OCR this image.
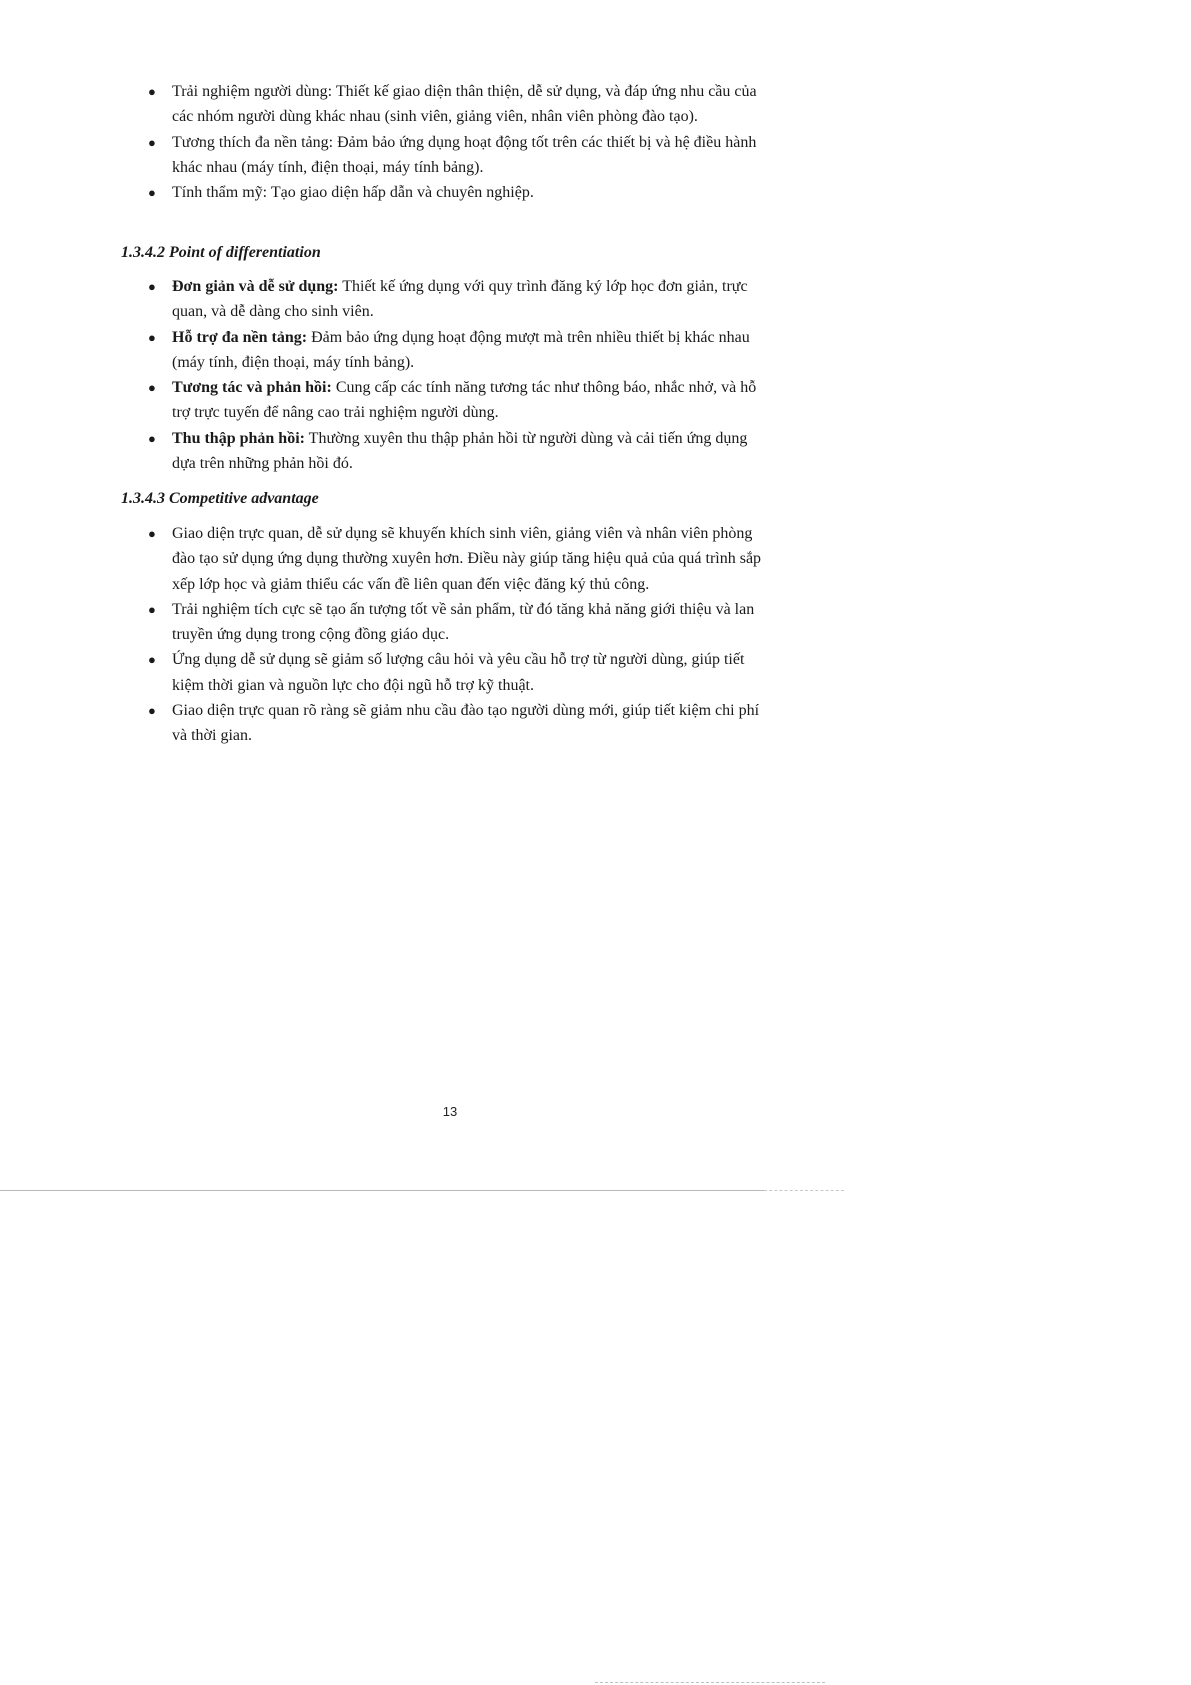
● Trải nghiệm người dùng: Thiết kế giao diện thân thiện, dễ sử dụng, và đáp ứng nhu cầu của các nhóm người dùng khác nhau (sinh viên, giảng viên, nhân viên phòng đào tạo).
● Tương thích đa nền tảng: Đảm bảo ứng dụng hoạt động tốt trên các thiết bị và hệ điều hành khác nhau (máy tính, điện thoại, máy tính bảng).
● Tính thẩm mỹ: Tạo giao diện hấp dẫn và chuyên nghiệp.
1.3.4.2 Point of differentiation
● Đơn giản và dễ sử dụng: Thiết kế ứng dụng với quy trình đăng ký lớp học đơn giản, trực quan, và dễ dàng cho sinh viên.
● Hỗ trợ đa nền tảng: Đảm bảo ứng dụng hoạt động mượt mà trên nhiều thiết bị khác nhau (máy tính, điện thoại, máy tính bảng).
● Tương tác và phản hồi: Cung cấp các tính năng tương tác như thông báo, nhắc nhở, và hỗ trợ trực tuyến để nâng cao trải nghiệm người dùng.
● Thu thập phản hồi: Thường xuyên thu thập phản hồi từ người dùng và cải tiến ứng dụng dựa trên những phản hồi đó.
1.3.4.3 Competitive advantage
● Giao diện trực quan, dễ sử dụng sẽ khuyến khích sinh viên, giảng viên và nhân viên phòng đào tạo sử dụng ứng dụng thường xuyên hơn. Điều này giúp tăng hiệu quả của quá trình sắp xếp lớp học và giảm thiểu các vấn đề liên quan đến việc đăng ký thủ công.
● Trải nghiệm tích cực sẽ tạo ấn tượng tốt về sản phẩm, từ đó tăng khả năng giới thiệu và lan truyền ứng dụng trong cộng đồng giáo dục.
● Ứng dụng dễ sử dụng sẽ giảm số lượng câu hỏi và yêu cầu hỗ trợ từ người dùng, giúp tiết kiệm thời gian và nguồn lực cho đội ngũ hỗ trợ kỹ thuật.
● Giao diện trực quan rõ ràng sẽ giảm nhu cầu đào tạo người dùng mới, giúp tiết kiệm chi phí và thời gian.
13
